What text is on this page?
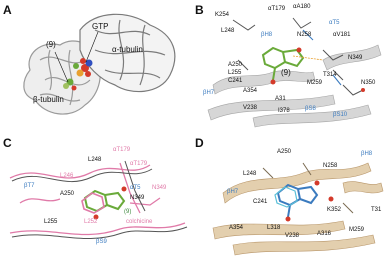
A
GTP
(9)
α-tubulin
β-tubulin
B K254
αT179 αA180
αT5
L248
βH8	N258	αV181
A250
L255
C241
(9)
N349
T314
M259	N350
βH7	A354
A31
V238	I378	βS8
βS10
C
L248
αT179
βT7
L246
A250
αT5
αT179
N349
N349
(9)
L255	L252	colchicine
βS9
D
A250	βH8
L248
N258
βH7
C241
K352	T31
A354	L318
V238	A316
M259
